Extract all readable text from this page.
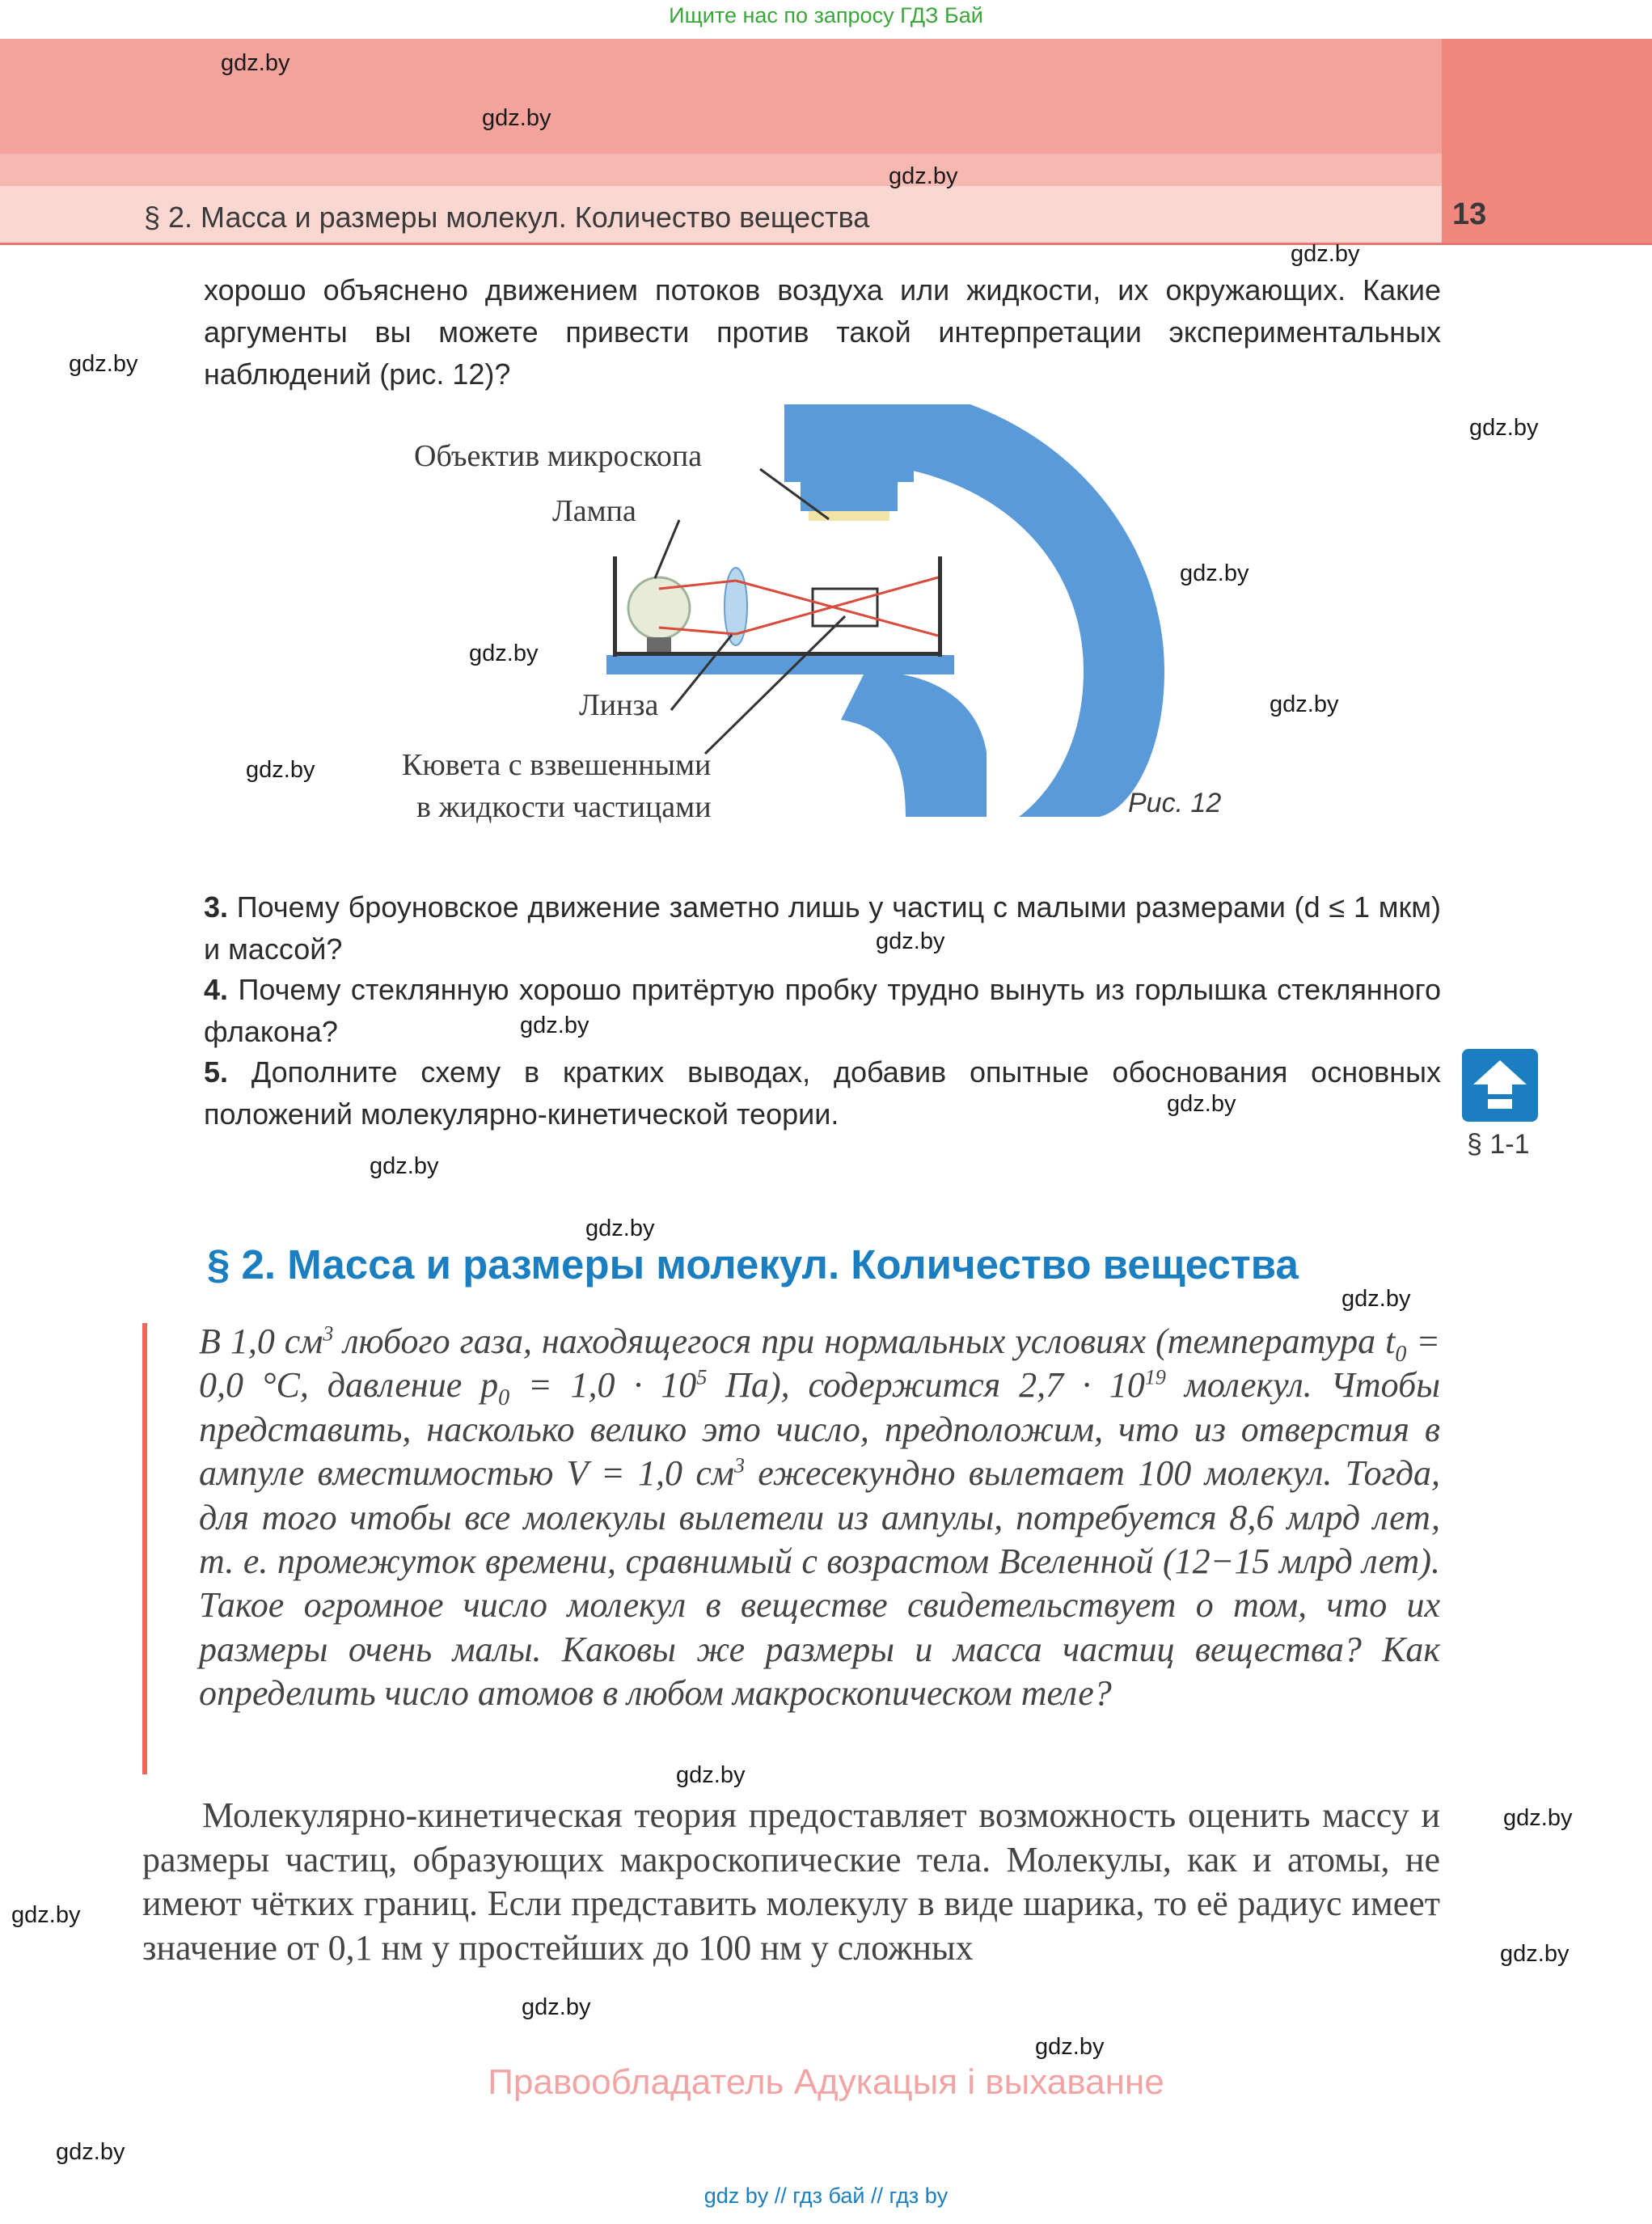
Ищите нас по запросу ГДЗ Бай
§ 2. Масса и размеры молекул. Количество вещества	13
gdz.by
gdz.by
gdz.by
gdz.by
gdz.by
gdz.by
gdz.by
gdz.by
gdz.by
gdz.by
gdz.by
gdz.by
gdz.by
gdz.by
gdz.by
gdz.by
gdz.by
gdz.by
gdz.by
gdz.by
gdz.by
gdz.by
gdz.by
хорошо объяснено движением потоков воздуха или жидкости, их окружающих. Какие аргументы вы можете привести против такой интерпретации экспериментальных наблюдений (рис. 12)?
Объектив микроскопа
Лампа
Линза
Кювета с взвешенными
в жидкости частицами	Рис. 12
3. Почему броуновское движение заметно лишь у частиц с малыми размерами (d ≤ 1 мкм) и массой?
4. Почему стеклянную хорошо притёртую пробку трудно вынуть из горлышка стеклянного флакона?
5. Дополните схему в кратких выводах, добавив опытные обоснования основных положений молекулярно-кинетической теории.
§ 1-1
§ 2. Масса и размеры молекул. Количество вещества
В 1,0 $см^3$ любого газа, находящегося при нормальных условиях (температура $t_0 = 0,0$ °C, давление $p_0 = 1,0 \cdot 10^5$ Па), содержится $2,7 \cdot 10^{19}$ молекул. Чтобы представить, насколько велико это число, предположим, что из отверстия в ампуле вместимостью V = 1,0 $см^3$ ежесекундно вылетает 100 молекул. Тогда, для того чтобы все молекулы вылетели из ампулы, потребуется 8,6 млрд лет, т. е. промежуток времени, сравнимый с возрастом Вселенной (12−15 млрд лет). Такое огромное число молекул в веществе свидетельствует о том, что их размеры очень малы. Каковы же размеры и масса частиц вещества? Как определить число атомов в любом макроскопическом теле?
Молекулярно-кинетическая теория предоставляет возможность оценить массу и размеры частиц, образующих макроскопические тела. Молекулы, как и атомы, не имеют чётких границ. Если представить молекулу в виде шарика, то её радиус имеет значение от 0,1 нм у простейших до 100 нм у сложных
Правообладатель Адукацыя і выхаванне
gdz by // гдз бай // гдз by
